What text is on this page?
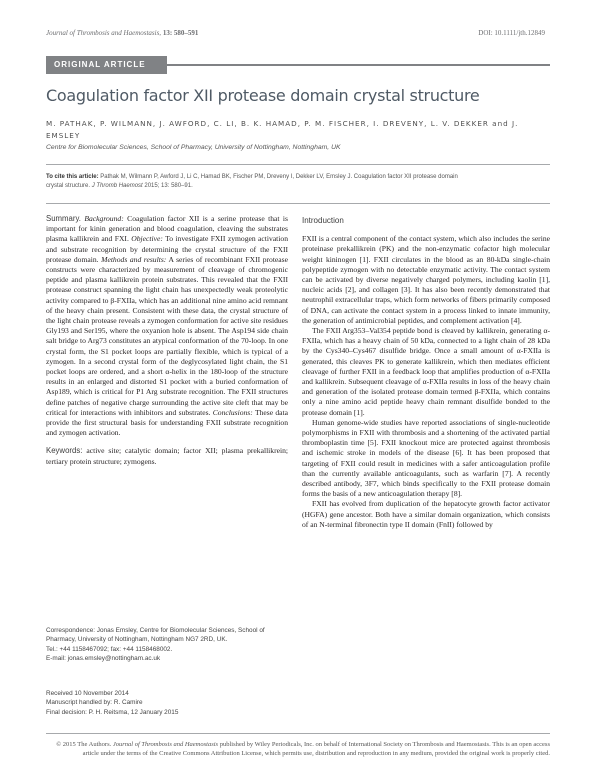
Journal of Thrombosis and Haemostasis, 13: 580–591	DOI: 10.1111/jth.12849
ORIGINAL ARTICLE
Coagulation factor XII protease domain crystal structure
M. PATHAK, P. WILMANN, J. AWFORD, C. LI, B. K. HAMAD, P. M. FISCHER, I. DREVENY, L. V. DEKKER and J. EMSLEY
Centre for Biomolecular Sciences, School of Pharmacy, University of Nottingham, Nottingham, UK
To cite this article: Pathak M, Wilmann P, Awford J, Li C, Hamad BK, Fischer PM, Dreveny I, Dekker LV, Emsley J. Coagulation factor XII protease domain crystal structure. J Thromb Haemost 2015; 13: 580–91.

Summary. Background: Coagulation factor XII is a serine protease that is important for kinin generation and blood coagulation, cleaving the substrates plasma kallikrein and FXI. Objective: To investigate FXII zymogen activation and substrate recognition by determining the crystal structure of the FXII protease domain. Methods and results: A series of recombinant FXII protease constructs were characterized by measurement of cleavage of chromogenic peptide and plasma kallikrein protein substrates. This revealed that the FXII protease construct spanning the light chain has unexpectedly weak proteolytic activity compared to β-FXIIa, which has an additional nine amino acid remnant of the heavy chain present. Consistent with these data, the crystal structure of the light chain protease reveals a zymogen conformation for active site residues Gly193 and Ser195, where the oxyanion hole is absent. The Asp194 side chain salt bridge to Arg73 constitutes an atypical conformation of the 70-loop. In one crystal form, the S1 pocket loops are partially flexible, which is typical of a zymogen. In a second crystal form of the deglycosylated light chain, the S1 pocket loops are ordered, and a short α-helix in the 180-loop of the structure results in an enlarged and distorted S1 pocket with a buried conformation of Asp189, which is critical for P1 Arg substrate recognition. The FXII structures define patches of negative charge surrounding the active site cleft that may be critical for interactions with inhibitors and substrates. Conclusions: These data provide the first structural basis for understanding FXII substrate recognition and zymogen activation.

Keywords: active site; catalytic domain; factor XII; plasma prekallikrein; tertiary protein structure; zymogens.

Correspondence: Jonas Emsley, Centre for Biomolecular Sciences, School of Pharmacy, University of Nottingham, Nottingham NG7 2RD, UK.
Tel.: +44 1158467092; fax: +44 1158468002.
E-mail: jonas.emsley@nottingham.ac.uk
Received 10 November 2014
Manuscript handled by: R. Camire
Final decision: P. H. Reitsma, 12 January 2015
Introduction

FXII is a central component of the contact system, which also includes the serine proteinase prekallikrein (PK) and the non-enzymatic cofactor high molecular weight kininogen [1]. FXII circulates in the blood as an 80-kDa single-chain polypeptide zymogen with no detectable enzymatic activity. The contact system can be activated by diverse negatively charged polymers, including kaolin [1], nucleic acids [2], and collagen [3]. It has also been recently demonstrated that neutrophil extracellular traps, which form networks of fibers primarily composed of DNA, can activate the contact system in a process linked to innate immunity, the generation of antimicrobial peptides, and complement activation [4].

The FXII Arg353–Val354 peptide bond is cleaved by kallikrein, generating α-FXIIa, which has a heavy chain of 50 kDa, connected to a light chain of 28 kDa by the Cys340–Cys467 disulfide bridge. Once a small amount of α-FXIIa is generated, this cleaves PK to generate kallikrein, which then mediates efficient cleavage of further FXII in a feedback loop that amplifies production of α-FXIIa and kallikrein. Subsequent cleavage of α-FXIIa results in loss of the heavy chain and generation of the isolated protease domain termed β-FXIIa, which contains only a nine amino acid peptide heavy chain remnant disulfide bonded to the protease domain [1].

Human genome-wide studies have reported associations of single-nucleotide polymorphisms in FXII with thrombosis and a shortening of the activated partial thromboplastin time [5]. FXII knockout mice are protected against thrombosis and ischemic stroke in models of the disease [6]. It has been proposed that targeting of FXII could result in medicines with a safer anticoagulation profile than the currently available anticoagulants, such as warfarin [7]. A recently described antibody, 3F7, which binds specifically to the FXII protease domain forms the basis of a new anticoagulation therapy [8].

FXII has evolved from duplication of the hepatocyte growth factor activator (HGFA) gene ancestor. Both have a similar domain organization, which consists of an N-terminal fibronectin type II domain (FnII) followed by

© 2015 The Authors. Journal of Thrombosis and Haemostasis published by Wiley Periodicals, Inc. on behalf of International Society on Thrombosis and Haemostasis. This is an open access article under the terms of the Creative Commons Attribution License, which permits use, distribution and reproduction in any medium, provided the original work is properly cited.
